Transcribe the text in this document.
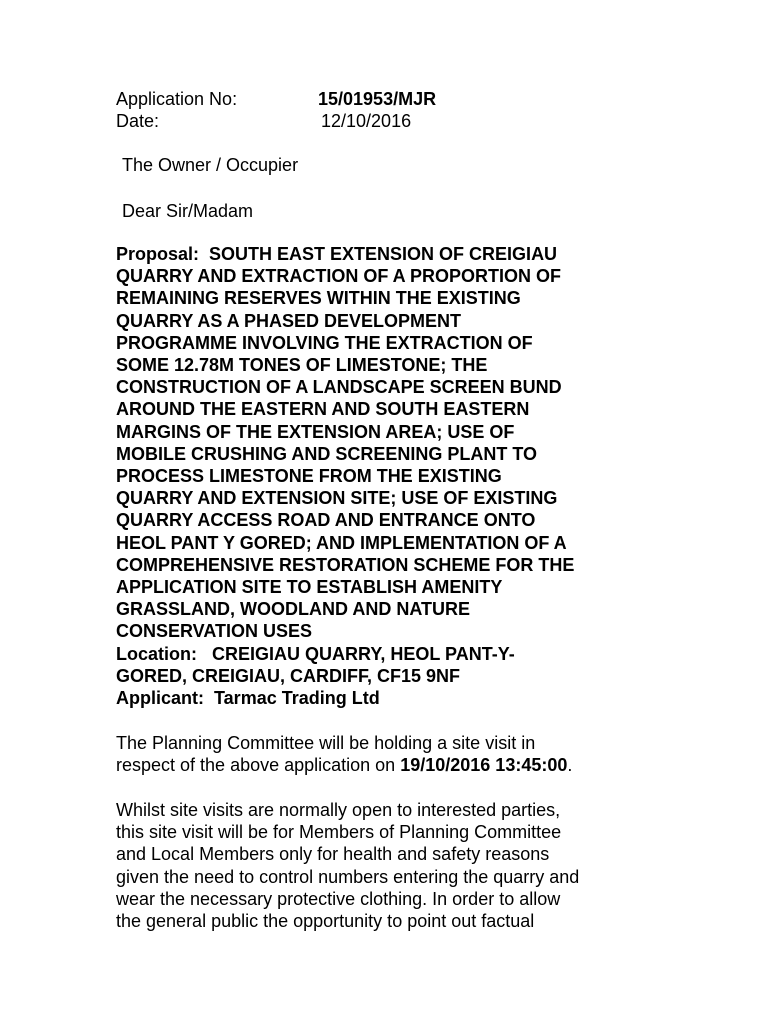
Application No:	15/01953/MJR
Date:	12/10/2016
The Owner / Occupier
Dear Sir/Madam
Proposal: SOUTH EAST EXTENSION OF CREIGIAU
QUARRY AND EXTRACTION OF A PROPORTION OF
REMAINING RESERVES WITHIN THE EXISTING
QUARRY AS A PHASED DEVELOPMENT
PROGRAMME INVOLVING THE EXTRACTION OF
SOME 12.78M TONES OF LIMESTONE; THE
CONSTRUCTION OF A LANDSCAPE SCREEN BUND
AROUND THE EASTERN AND SOUTH EASTERN
MARGINS OF THE EXTENSION AREA; USE OF
MOBILE CRUSHING AND SCREENING PLANT TO
PROCESS LIMESTONE FROM THE EXISTING
QUARRY AND EXTENSION SITE; USE OF EXISTING
QUARRY ACCESS ROAD AND ENTRANCE ONTO
HEOL PANT Y GORED; AND IMPLEMENTATION OF A
COMPREHENSIVE RESTORATION SCHEME FOR THE
APPLICATION SITE TO ESTABLISH AMENITY
GRASSLAND, WOODLAND AND NATURE
CONSERVATION USES
Location: CREIGIAU QUARRY, HEOL PANT-Y-
GORED, CREIGIAU, CARDIFF, CF15 9NF
Applicant: Tarmac Trading Ltd
The Planning Committee will be holding a site visit in
respect of the above application on 19/10/2016 13:45:00.
Whilst site visits are normally open to interested parties,
this site visit will be for Members of Planning Committee
and Local Members only for health and safety reasons
given the need to control numbers entering the quarry and
wear the necessary protective clothing. In order to allow
the general public the opportunity to point out factual
